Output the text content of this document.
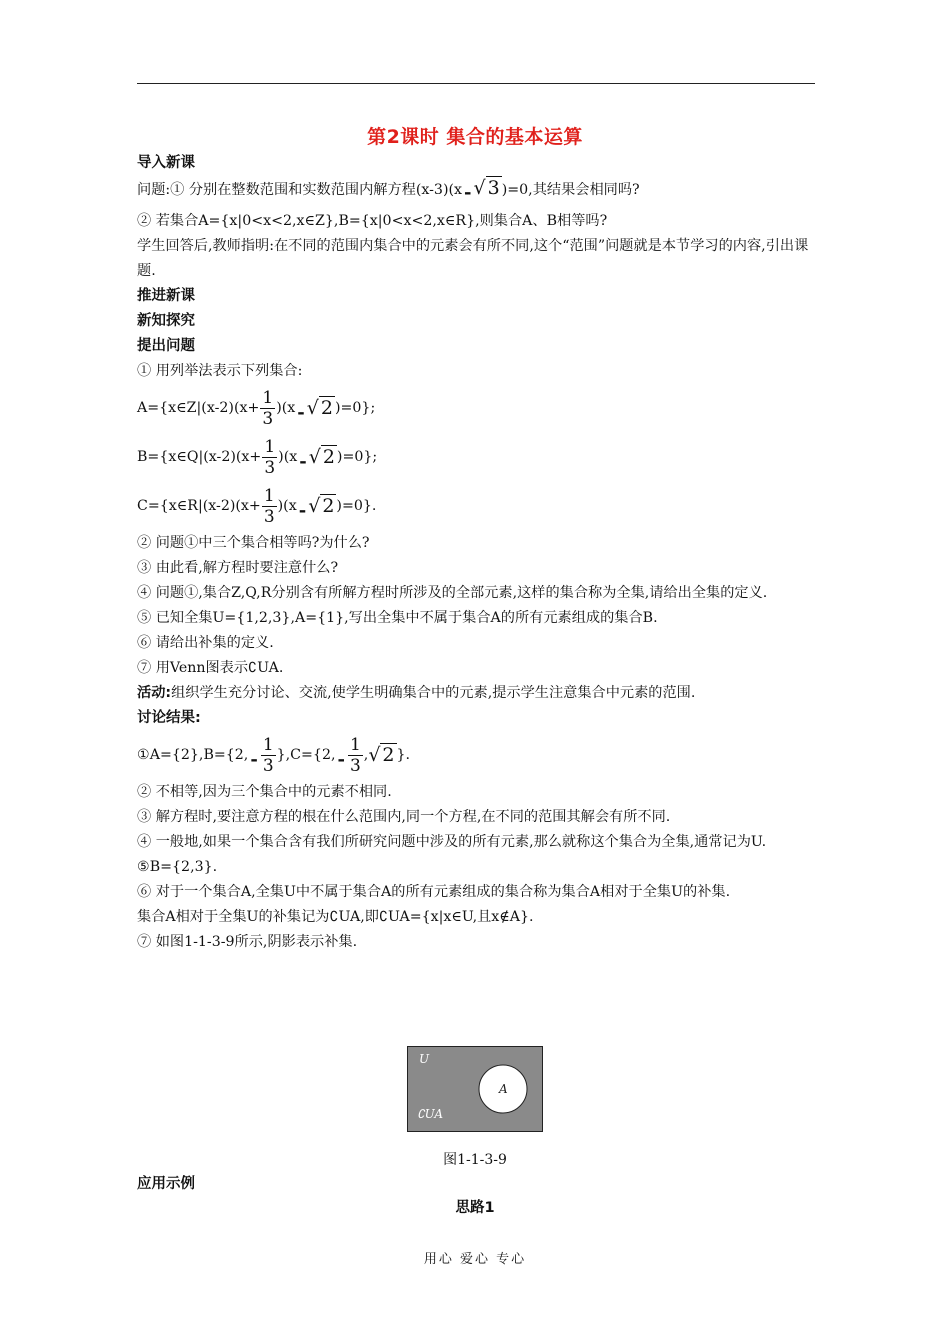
第2课时 集合的基本运算
导入新课
问题:① 分别在整数范围和实数范围内解方程(x-3)(x - √ 3 )=0,其结果会相同吗?
② 若集合A={x|0<x<2,x∈Z},B={x|0<x<2,x∈R},则集合A、B相等吗?
学生回答后,教师指明:在不同的范围内集合中的元素会有所不同,这个“范围”问题就是本节学习的内容,引出课题.
推进新课
新知探究
提出问题
① 用列举法表示下列集合:
A={x∈Z|(x-2)(x+ $\frac{1}{3} )(x$ - √ 2 )=0};
B={x∈Q|(x-2)(x+ $\frac{1}{3} )(x$ - √ 2 )=0};
C={x∈R|(x-2)(x+ $\frac{1}{3} )(x$ - √ 2 )=0}.
② 问题①中三个集合相等吗?为什么?
③ 由此看,解方程时要注意什么?
④ 问题①,集合Z,Q,R分别含有所解方程时所涉及的全部元素,这样的集合称为全集,请给出全集的定义.
⑤ 已知全集U={1,2,3},A={1},写出全集中不属于集合A的所有元素组成的集合B.
⑥ 请给出补集的定义.
⑦ 用Venn图表示∁UA.
活动:组织学生充分讨论、交流,使学生明确集合中的元素,提示学生注意集合中元素的范围.
讨论结果:
①A={2},B={2, - $\frac{1}{3} \},C=\{2$, - $\frac{1}{3}$ , √ 2 }.
② 不相等,因为三个集合中的元素不相同.
③ 解方程时,要注意方程的根在什么范围内,同一个方程,在不同的范围其解会有所不同.
④ 一般地,如果一个集合含有我们所研究问题中涉及的所有元素,那么就称这个集合为全集,通常记为U.
⑤B={2,3}.
⑥ 对于一个集合A,全集U中不属于集合A的所有元素组成的集合称为集合A相对于全集U的补集.
集合A相对于全集U的补集记为∁UA,即∁UA={x|x∈U,且x∉A}.
⑦ 如图1-1-3-9所示,阴影表示补集.
U
A
∁UA
图1-1-3-9
应用示例
思路1
用心 爱心 专心
